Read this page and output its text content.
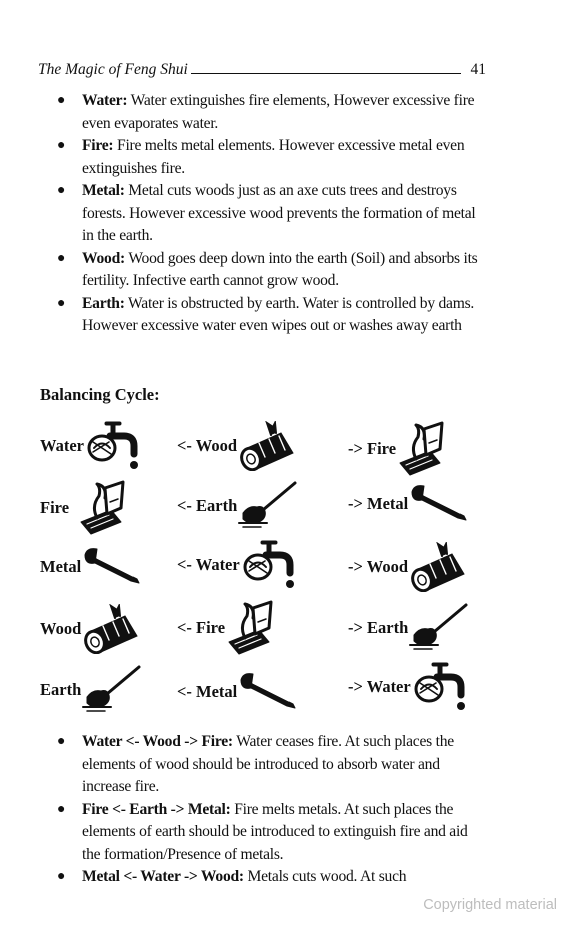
The Magic of Feng Shui	41
● Water: Water extinguishes fire elements, However excessive fire even evaporates water.
● Fire: Fire melts metal elements. However excessive metal even extinguishes fire.
● Metal: Metal cuts woods just as an axe cuts trees and destroys forests. However excessive wood prevents the formation of metal in the earth.
● Wood: Wood goes deep down into the earth (Soil) and absorbs its fertility. Infective earth cannot grow wood.
● Earth: Water is obstructed by earth. Water is controlled by dams. However excessive water even wipes out or washes away earth
Balancing Cycle:
Water	<- Wood	-> Fire
Fire	<- Earth	-> Metal
Metal	<- Water	-> Wood
Wood	<- Fire	-> Earth
Earth	<- Metal	-> Water
● Water <- Wood -> Fire: Water ceases fire. At such places the elements of wood should be introduced to absorb water and increase fire.
● Fire <- Earth -> Metal: Fire melts metals. At such places the elements of earth should be introduced to extinguish fire and aid the formation/Presence of metals.
● Metal <- Water -> Wood: Metals cuts wood. At such
Copyrighted material
